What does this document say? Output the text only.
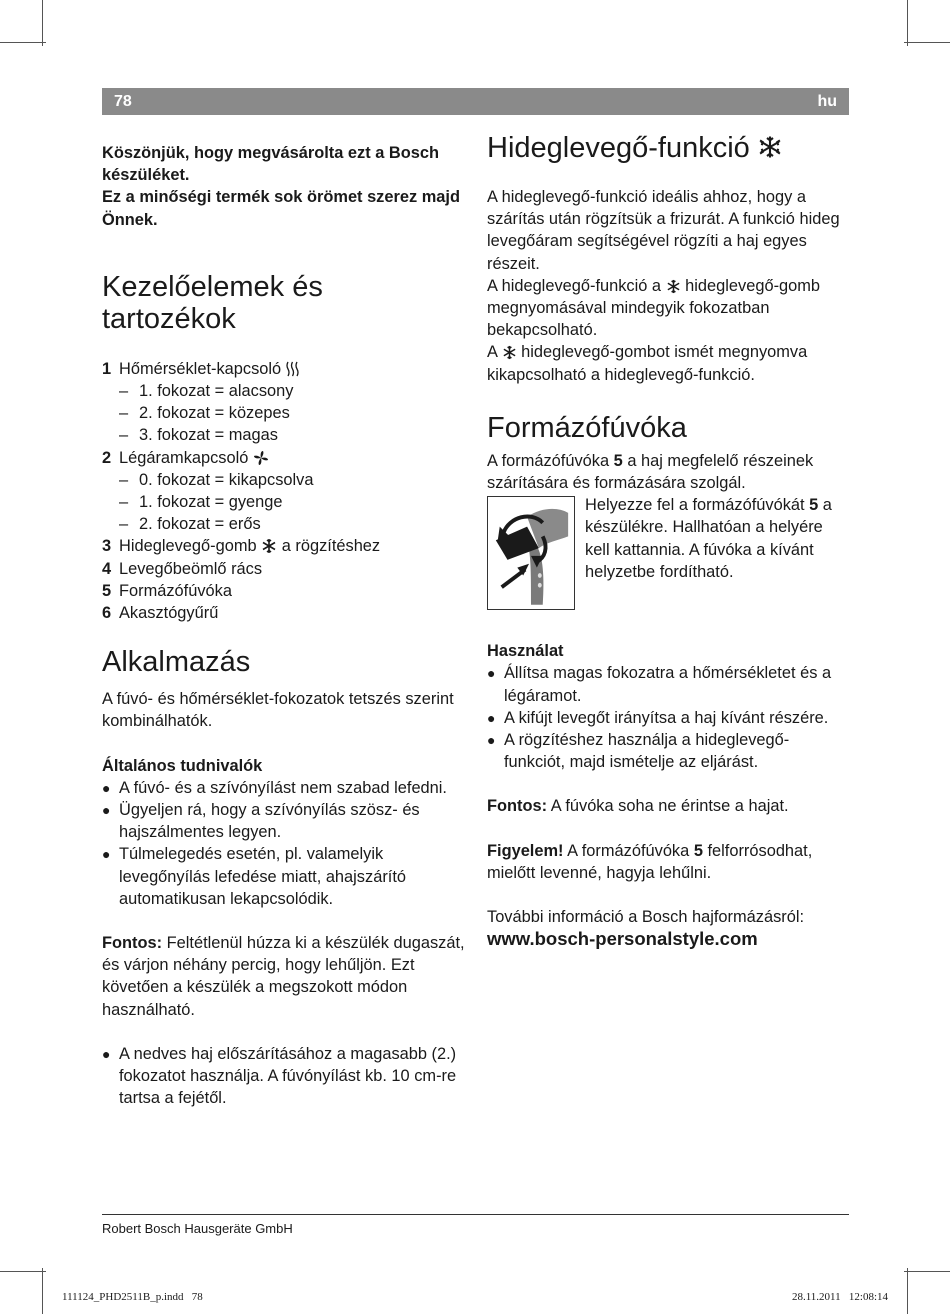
78	hu

Köszönjük, hogy megvásárolta ezt a Bosch készüléket.
Ez a minőségi termék sok örömet szerez majd Önnek.

Kezelőelemek és
tartozékok
1 Hőmérséklet-kapcsoló
– 1. fokozat = alacsony
– 2. fokozat = közepes
– 3. fokozat = magas
2 Légáramkapcsoló
– 0. fokozat = kikapcsolva
– 1. fokozat = gyenge
– 2. fokozat = erős
3 Hideglevegő-gomb a rögzítéshez
4 Levegőbeömlő rács
5 Formázófúvóka
6 Akasztógyűrű
Alkalmazás

A fúvó- és hőmérséklet-fokozatok tetszés szerint kombinálhatók.

Általános tudnivalók

● A fúvó- és a szívónyílást nem szabad lefedni.
● Ügyeljen rá, hogy a szívónyílás szösz- és hajszálmentes legyen.
● Túlmelegedés esetén, pl. valamelyik levegőnyílás lefedése miatt, ahajszárító automatikusan lekapcsolódik.

Fontos: Feltétlenül húzza ki a készülék dugaszát, és várjon néhány percig, hogy lehűljön. Ezt követően a készülék a megszokott módon használható.

● A nedves haj előszárításához a magasabb (2.) fokozatot használja. A fúvónyílást kb. 10 cm-re tartsa a fejétől.
Hideglevegő-funkció

A hideglevegő-funkció ideális ahhoz, hogy a szárítás után rögzítsük a frizurát. A funkció hideg levegőáram segítségével rögzíti a haj egyes részeit.

A hideglevegő-funkció a  hideglevegő-gomb megnyomásával mindegyik fokozatban bekapcsolható.

A  hideglevegő-gombot ismét megnyomva kikapcsolható a hideglevegő-funkció.

Formázófúvóka

A formázófúvóka 5 a haj megfelelő részeinek szárítására és formázására szolgál.

Helyezze fel a formázófúvókát 5 a készülékre. Hallhatóan a helyére kell kattannia. A fúvóka a kívánt helyzetbe fordítható.

Használat

● Állítsa magas fokozatra a hőmérsékletet és a légáramot.
● A kifújt levegőt irányítsa a haj kívánt részére.
● A rögzítéshez használja a hideglevegő-funkciót, majd ismételje az eljárást.

Fontos: A fúvóka soha ne érintse a hajat.

Figyelem! A formázófúvóka 5 felforrósodhat, mielőtt levenné, hagyja lehűlni.

További információ a Bosch hajformázásról:

www.bosch-personalstyle.com

Robert Bosch Hausgeräte GmbH
111124_PHD2511B_p.indd   78	28.11.2011   12:08:14
